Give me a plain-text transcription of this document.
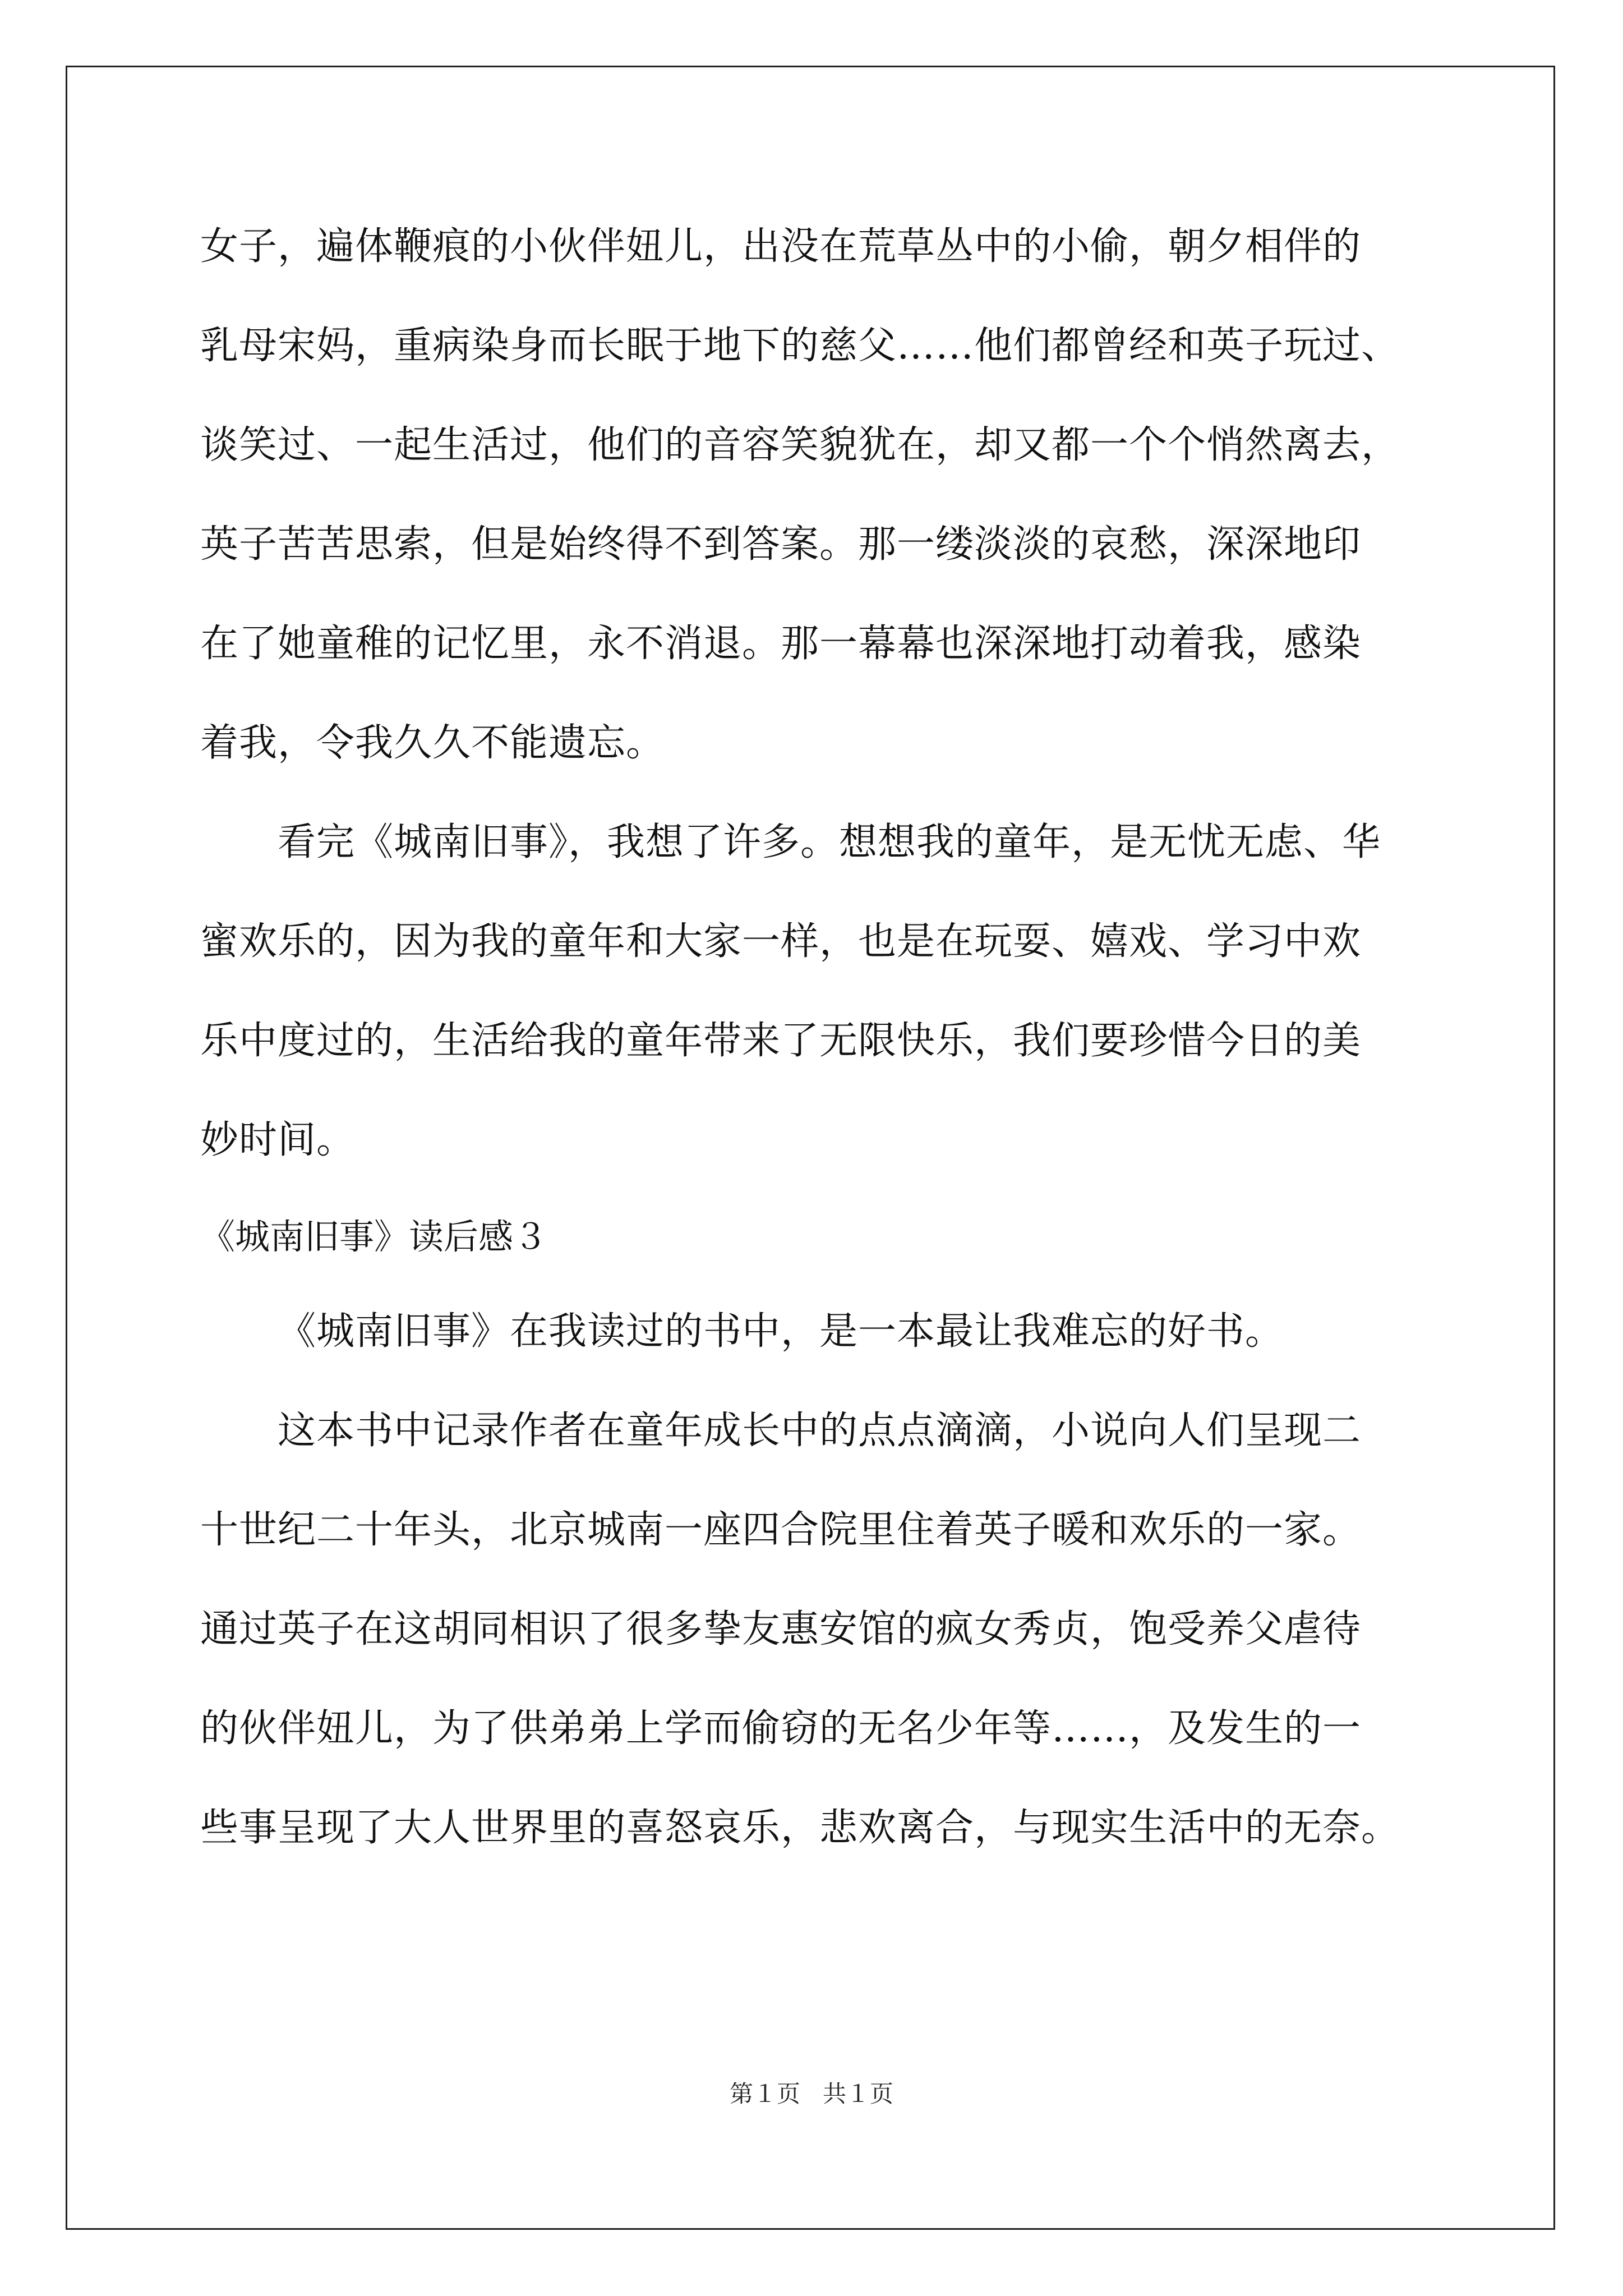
女子，遍体鞭痕的小伙伴妞儿，出没在荒草丛中的小偷，朝夕相伴的
乳母宋妈，重病染身而长眠于地下的慈父……他们都曾经和英子玩过、
谈笑过、一起生活过，他们的音容笑貌犹在，却又都一个个悄然离去，
英子苦苦思索，但是始终得不到答案。那一缕淡淡的哀愁，深深地印
在了她童稚的记忆里，永不消退。那一幕幕也深深地打动着我，感染
着我，令我久久不能遗忘。
看完《城南旧事》，我想了许多。想想我的童年，是无忧无虑、华
蜜欢乐的，因为我的童年和大家一样，也是在玩耍、嬉戏、学习中欢
乐中度过的，生活给我的童年带来了无限快乐，我们要珍惜今日的美
妙时间。
《城南旧事》读后感３
《城南旧事》在我读过的书中，是一本最让我难忘的好书。
这本书中记录作者在童年成长中的点点滴滴，小说向人们呈现二
十世纪二十年头，北京城南一座四合院里住着英子暖和欢乐的一家。
通过英子在这胡同相识了很多挚友惠安馆的疯女秀贞，饱受养父虐待
的伙伴妞儿，为了供弟弟上学而偷窃的无名少年等……，及发生的一
些事呈现了大人世界里的喜怒哀乐，悲欢离合，与现实生活中的无奈。
第１页 共１页
